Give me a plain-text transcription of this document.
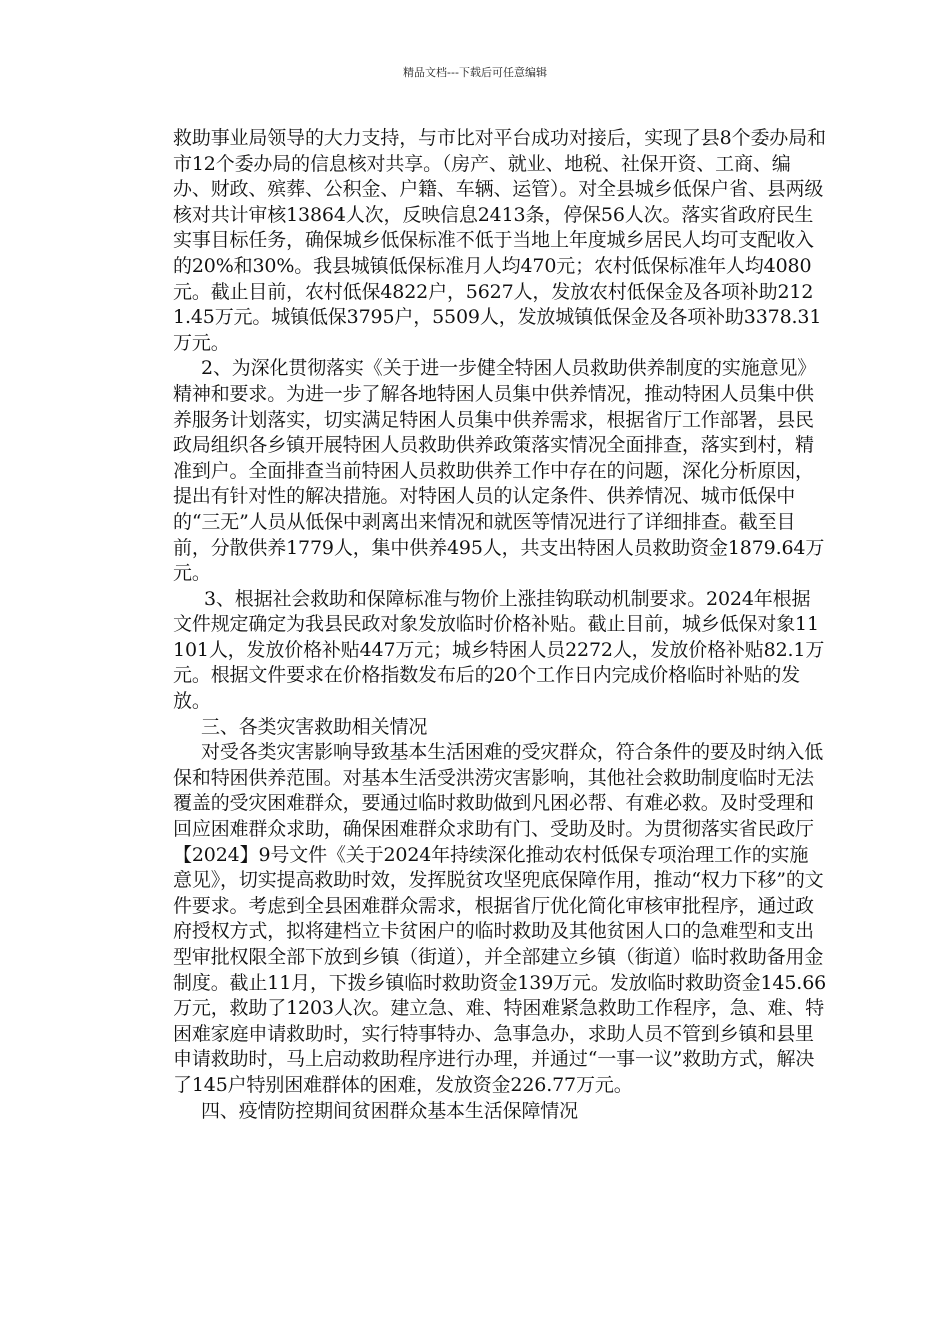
精品文档---下载后可任意编辑

救助事业局领导的大力支持，与市比对平台成功对接后，实现了县8个委办局和市12个委办局的信息核对共享。（房产、就业、地税、社保开资、工商、编办、财政、殡葬、公积金、户籍、车辆、运管）。对全县城乡低保户省、县两级核对共计审核13864人次，反映信息2413条，停保56人次。落实省政府民生实事目标任务，确保城乡低保标准不低于当地上年度城乡居民人均可支配收入的20%和30%。我县城镇低保标准月人均470元；农村低保标准年人均4080元。截止目前，农村低保4822户，5627人，发放农村低保金及各项补助2121.45万元。城镇低保3795户，5509人，发放城镇低保金及各项补助3378.31万元。

2、为深化贯彻落实《关于进一步健全特困人员救助供养制度的实施意见》精神和要求。为进一步了解各地特困人员集中供养情况，推动特困人员集中供养服务计划落实，切实满足特困人员集中供养需求，根据省厅工作部署，县民政局组织各乡镇开展特困人员救助供养政策落实情况全面排查，落实到村，精准到户。全面排查当前特困人员救助供养工作中存在的问题，深化分析原因，提出有针对性的解决措施。对特困人员的认定条件、供养情况、城市低保中的“三无”人员从低保中剥离出来情况和就医等情况进行了详细排查。截至目前，分散供养1779人，集中供养495人，共支出特困人员救助资金1879.64万元。

3、根据社会救助和保障标准与物价上涨挂钩联动机制要求。2024年根据文件规定确定为我县民政对象发放临时价格补贴。截止目前，城乡低保对象11101人，发放价格补贴447万元；城乡特困人员2272人，发放价格补贴82.1万元。根据文件要求在价格指数发布后的20个工作日内完成价格临时补贴的发放。

三、各类灾害救助相关情况

对受各类灾害影响导致基本生活困难的受灾群众，符合条件的要及时纳入低保和特困供养范围。对基本生活受洪涝灾害影响，其他社会救助制度临时无法覆盖的受灾困难群众，要通过临时救助做到凡困必帮、有难必救。及时受理和回应困难群众求助，确保困难群众求助有门、受助及时。为贯彻落实省民政厅【2024】9号文件《关于2024年持续深化推动农村低保专项治理工作的实施意见》，切实提高救助时效，发挥脱贫攻坚兜底保障作用，推动“权力下移”的文件要求。考虑到全县困难群众需求，根据省厅优化简化审核审批程序，通过政府授权方式，拟将建档立卡贫困户的临时救助及其他贫困人口的急难型和支出型审批权限全部下放到乡镇（街道），并全部建立乡镇（街道）临时救助备用金制度。截止11月，下拨乡镇临时救助资金139万元。发放临时救助资金145.66万元，救助了1203人次。建立急、难、特困难紧急救助工作程序，急、难、特困难家庭申请救助时，实行特事特办、急事急办，求助人员不管到乡镇和县里申请救助时，马上启动救助程序进行办理，并通过“一事一议”救助方式，解决了145户特别困难群体的困难，发放资金226.77万元。

四、疫情防控期间贫困群众基本生活保障情况
